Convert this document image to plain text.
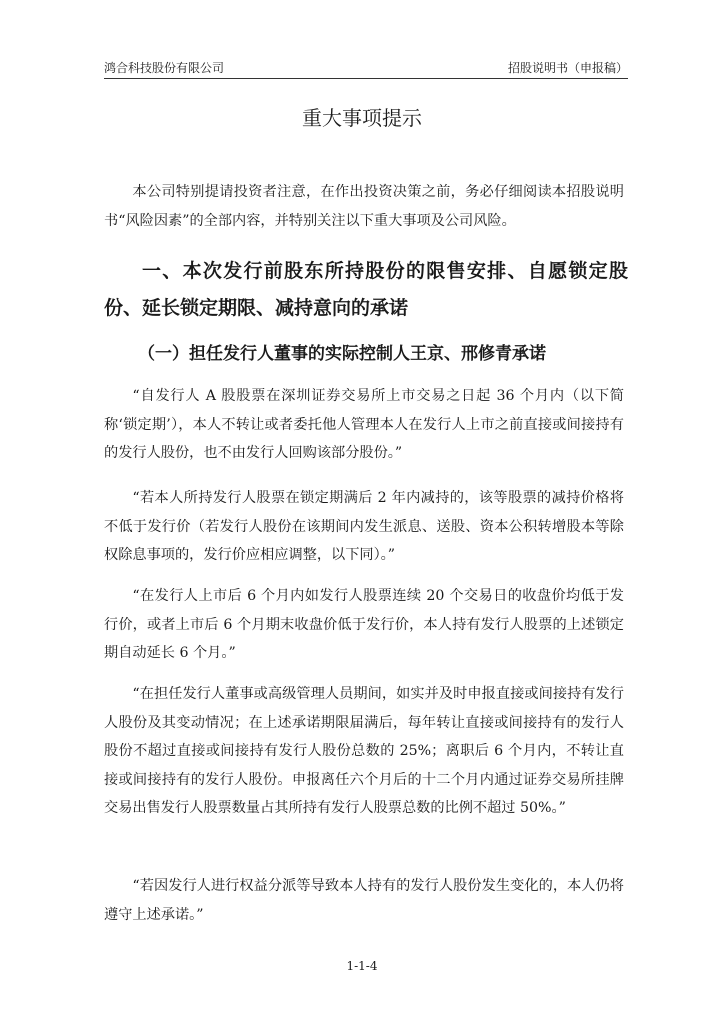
鸿合科技股份有限公司	招股说明书（申报稿）
重大事项提示

本公司特别提请投资者注意，在作出投资决策之前，务必仔细阅读本招股说明书“风险因素”的全部内容，并特别关注以下重大事项及公司风险。

一、本次发行前股东所持股份的限售安排、自愿锁定股份、延长锁定期限、减持意向的承诺

（一）担任发行人董事的实际控制人王京、邢修青承诺

“自发行人 A 股股票在深圳证券交易所上市交易之日起 36 个月内（以下简称‘锁定期’），本人不转让或者委托他人管理本人在发行人上市之前直接或间接持有的发行人股份，也不由发行人回购该部分股份。”

“若本人所持发行人股票在锁定期满后 2 年内减持的，该等股票的减持价格将不低于发行价（若发行人股份在该期间内发生派息、送股、资本公积转增股本等除权除息事项的，发行价应相应调整，以下同）。”

“在发行人上市后 6 个月内如发行人股票连续 20 个交易日的收盘价均低于发行价，或者上市后 6 个月期末收盘价低于发行价，本人持有发行人股票的上述锁定期自动延长 6 个月。”

“在担任发行人董事或高级管理人员期间，如实并及时申报直接或间接持有发行人股份及其变动情况；在上述承诺期限届满后，每年转让直接或间接持有的发行人股份不超过直接或间接持有发行人股份总数的 25%；离职后 6 个月内，不转让直接或间接持有的发行人股份。申报离任六个月后的十二个月内通过证券交易所挂牌交易出售发行人股票数量占其所持有发行人股票总数的比例不超过 50%。”

“若因发行人进行权益分派等导致本人持有的发行人股份发生变化的，本人仍将遵守上述承诺。”

1-1-4
